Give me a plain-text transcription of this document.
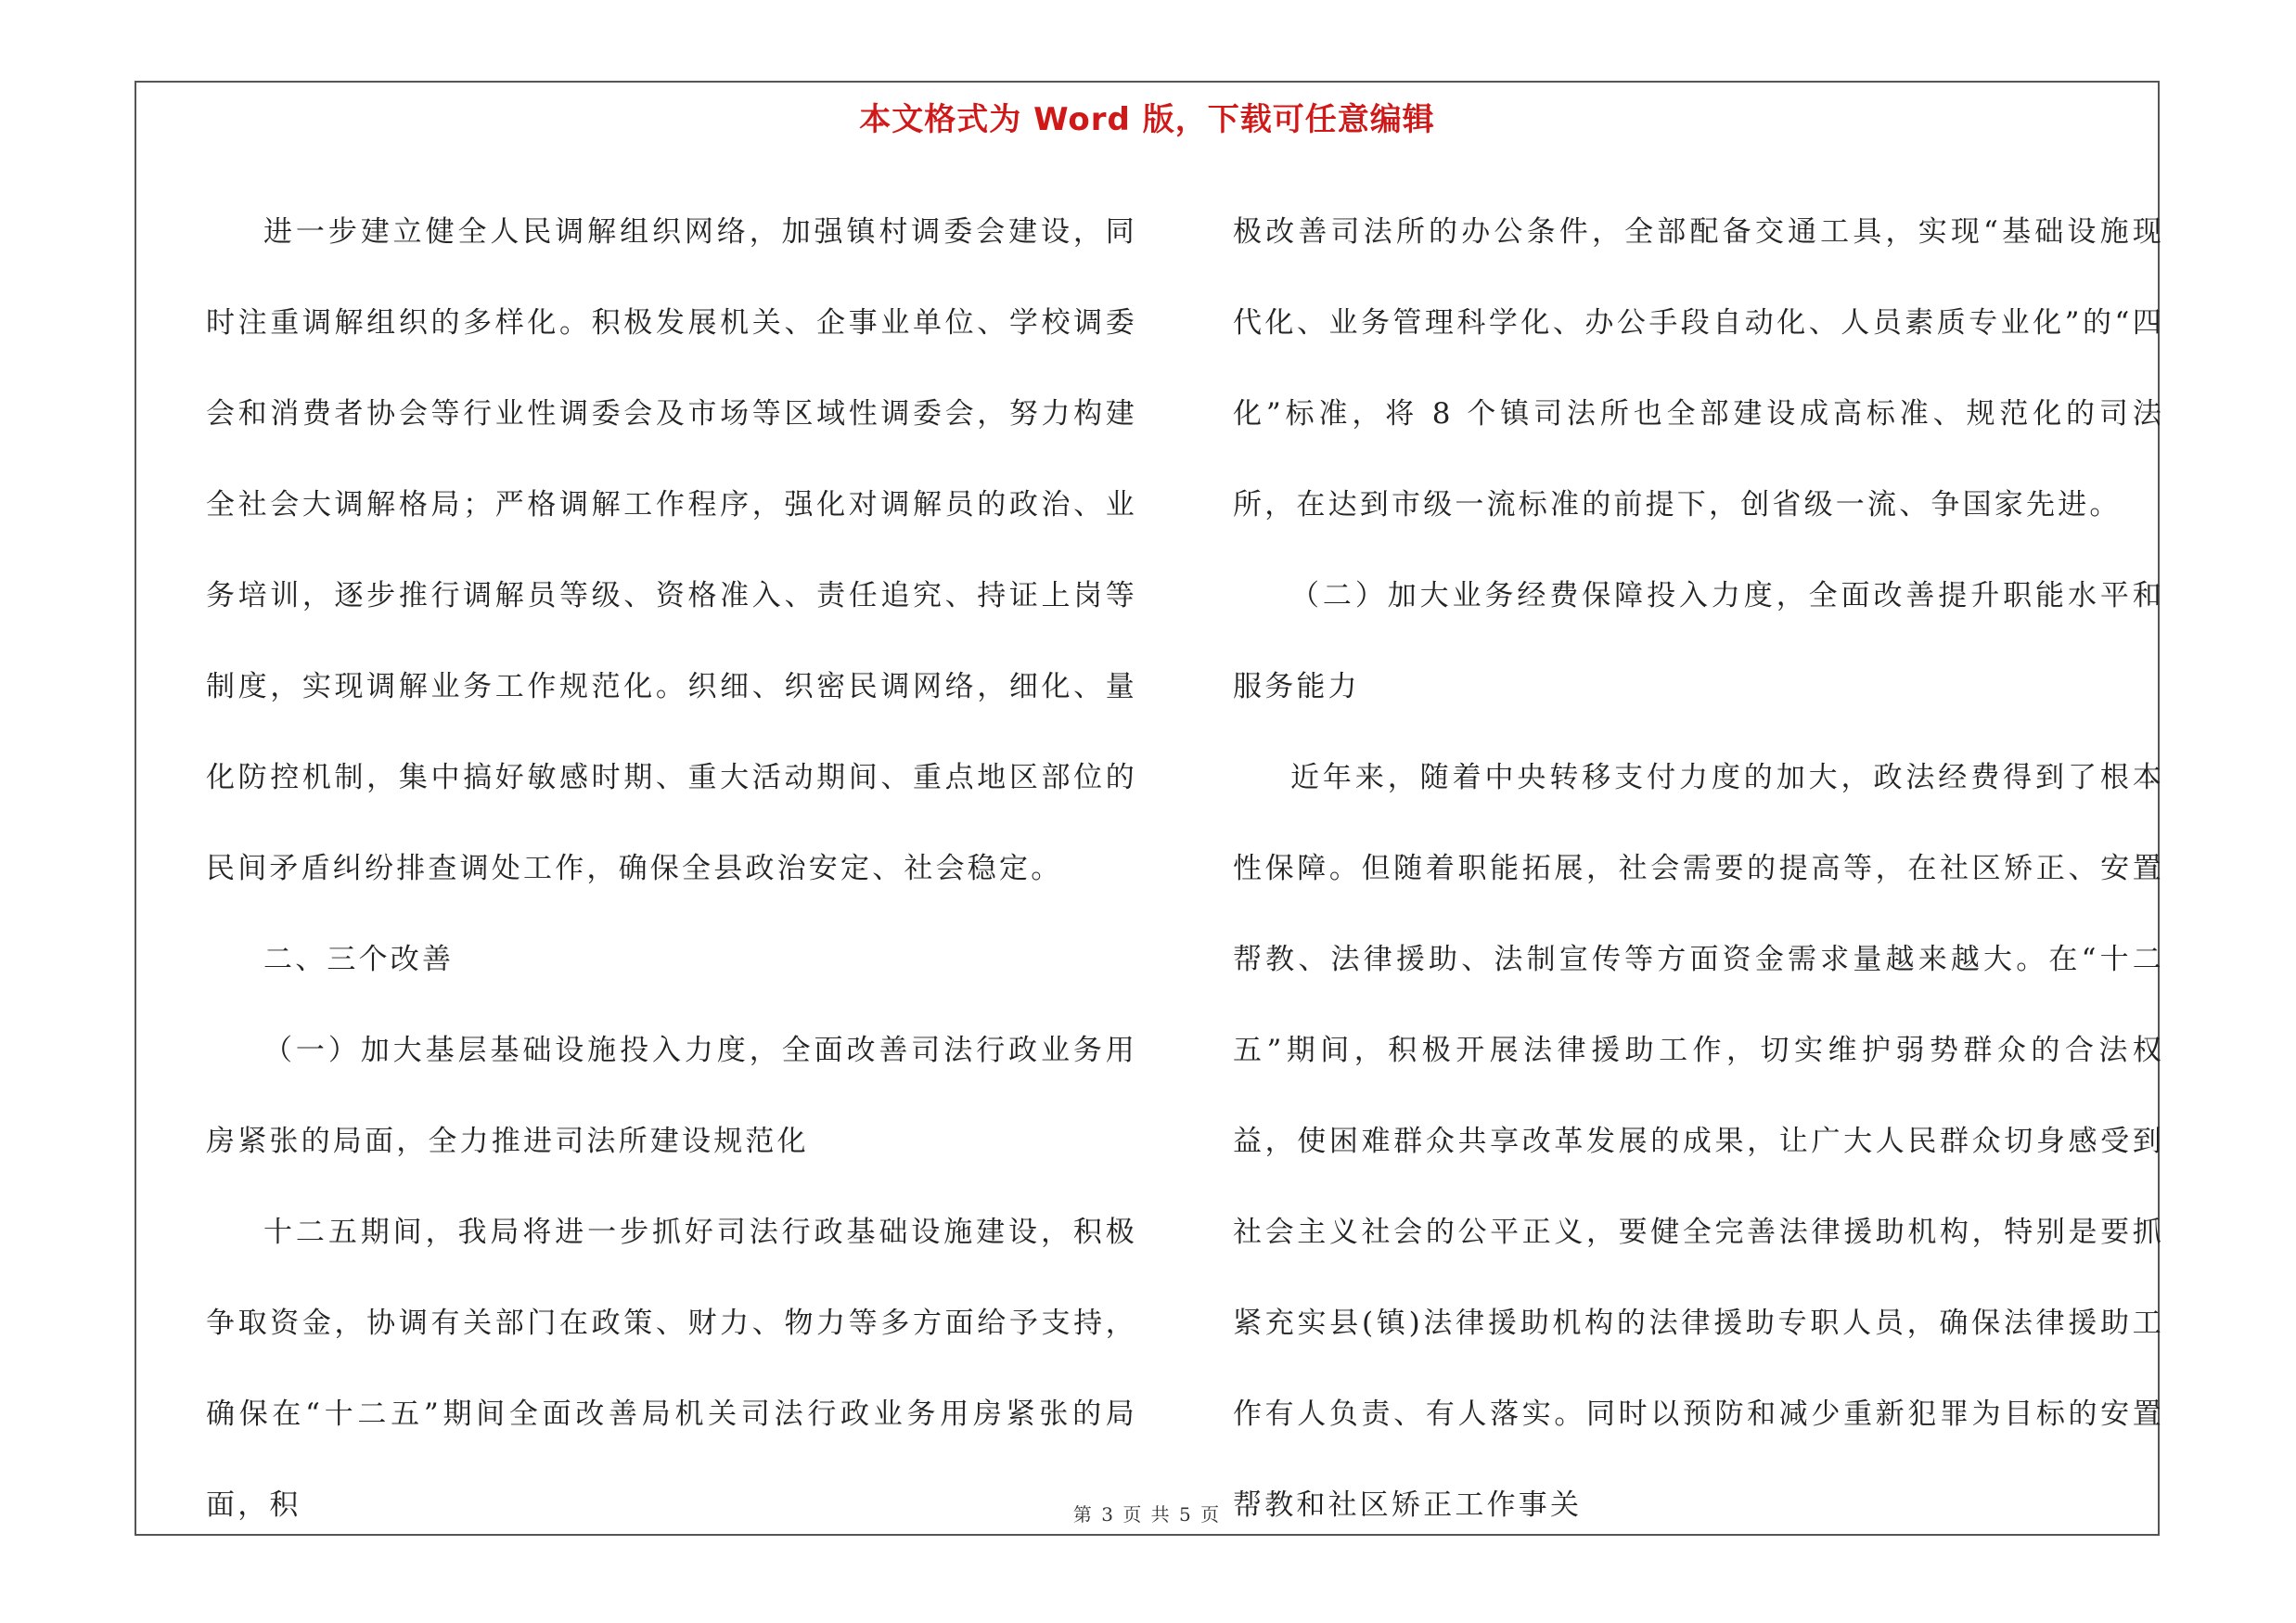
本文格式为 Word 版，下载可任意编辑

进一步建立健全人民调解组织网络，加强镇村调委会建设，同时注重调解组织的多样化。积极发展机关、企事业单位、学校调委会和消费者协会等行业性调委会及市场等区域性调委会，努力构建全社会大调解格局；严格调解工作程序，强化对调解员的政治、业务培训，逐步推行调解员等级、资格准入、责任追究、持证上岗等制度，实现调解业务工作规范化。织细、织密民调网络，细化、量化防控机制，集中搞好敏感时期、重大活动期间、重点地区部位的民间矛盾纠纷排查调处工作，确保全县政治安定、社会稳定。

二、三个改善

（一）加大基层基础设施投入力度，全面改善司法行政业务用房紧张的局面，全力推进司法所建设规范化

十二五期间，我局将进一步抓好司法行政基础设施建设，积极争取资金，协调有关部门在政策、财力、物力等多方面给予支持，确保在“十二五”期间全面改善局机关司法行政业务用房紧张的局面，积

极改善司法所的办公条件，全部配备交通工具，实现“基础设施现代化、业务管理科学化、办公手段自动化、人员素质专业化”的“四化”标准，将 8 个镇司法所也全部建设成高标准、规范化的司法所，在达到市级一流标准的前提下，创省级一流、争国家先进。

（二）加大业务经费保障投入力度，全面改善提升职能水平和服务能力

近年来，随着中央转移支付力度的加大，政法经费得到了根本性保障。但随着职能拓展，社会需要的提高等，在社区矫正、安置帮教、法律援助、法制宣传等方面资金需求量越来越大。在“十二五”期间，积极开展法律援助工作，切实维护弱势群众的合法权益，使困难群众共享改革发展的成果，让广大人民群众切身感受到社会主义社会的公平正义，要健全完善法律援助机构，特别是要抓紧充实县(镇)法律援助机构的法律援助专职人员，确保法律援助工作有人负责、有人落实。同时以预防和减少重新犯罪为目标的安置帮教和社区矫正工作事关

第 3 页 共 5 页
